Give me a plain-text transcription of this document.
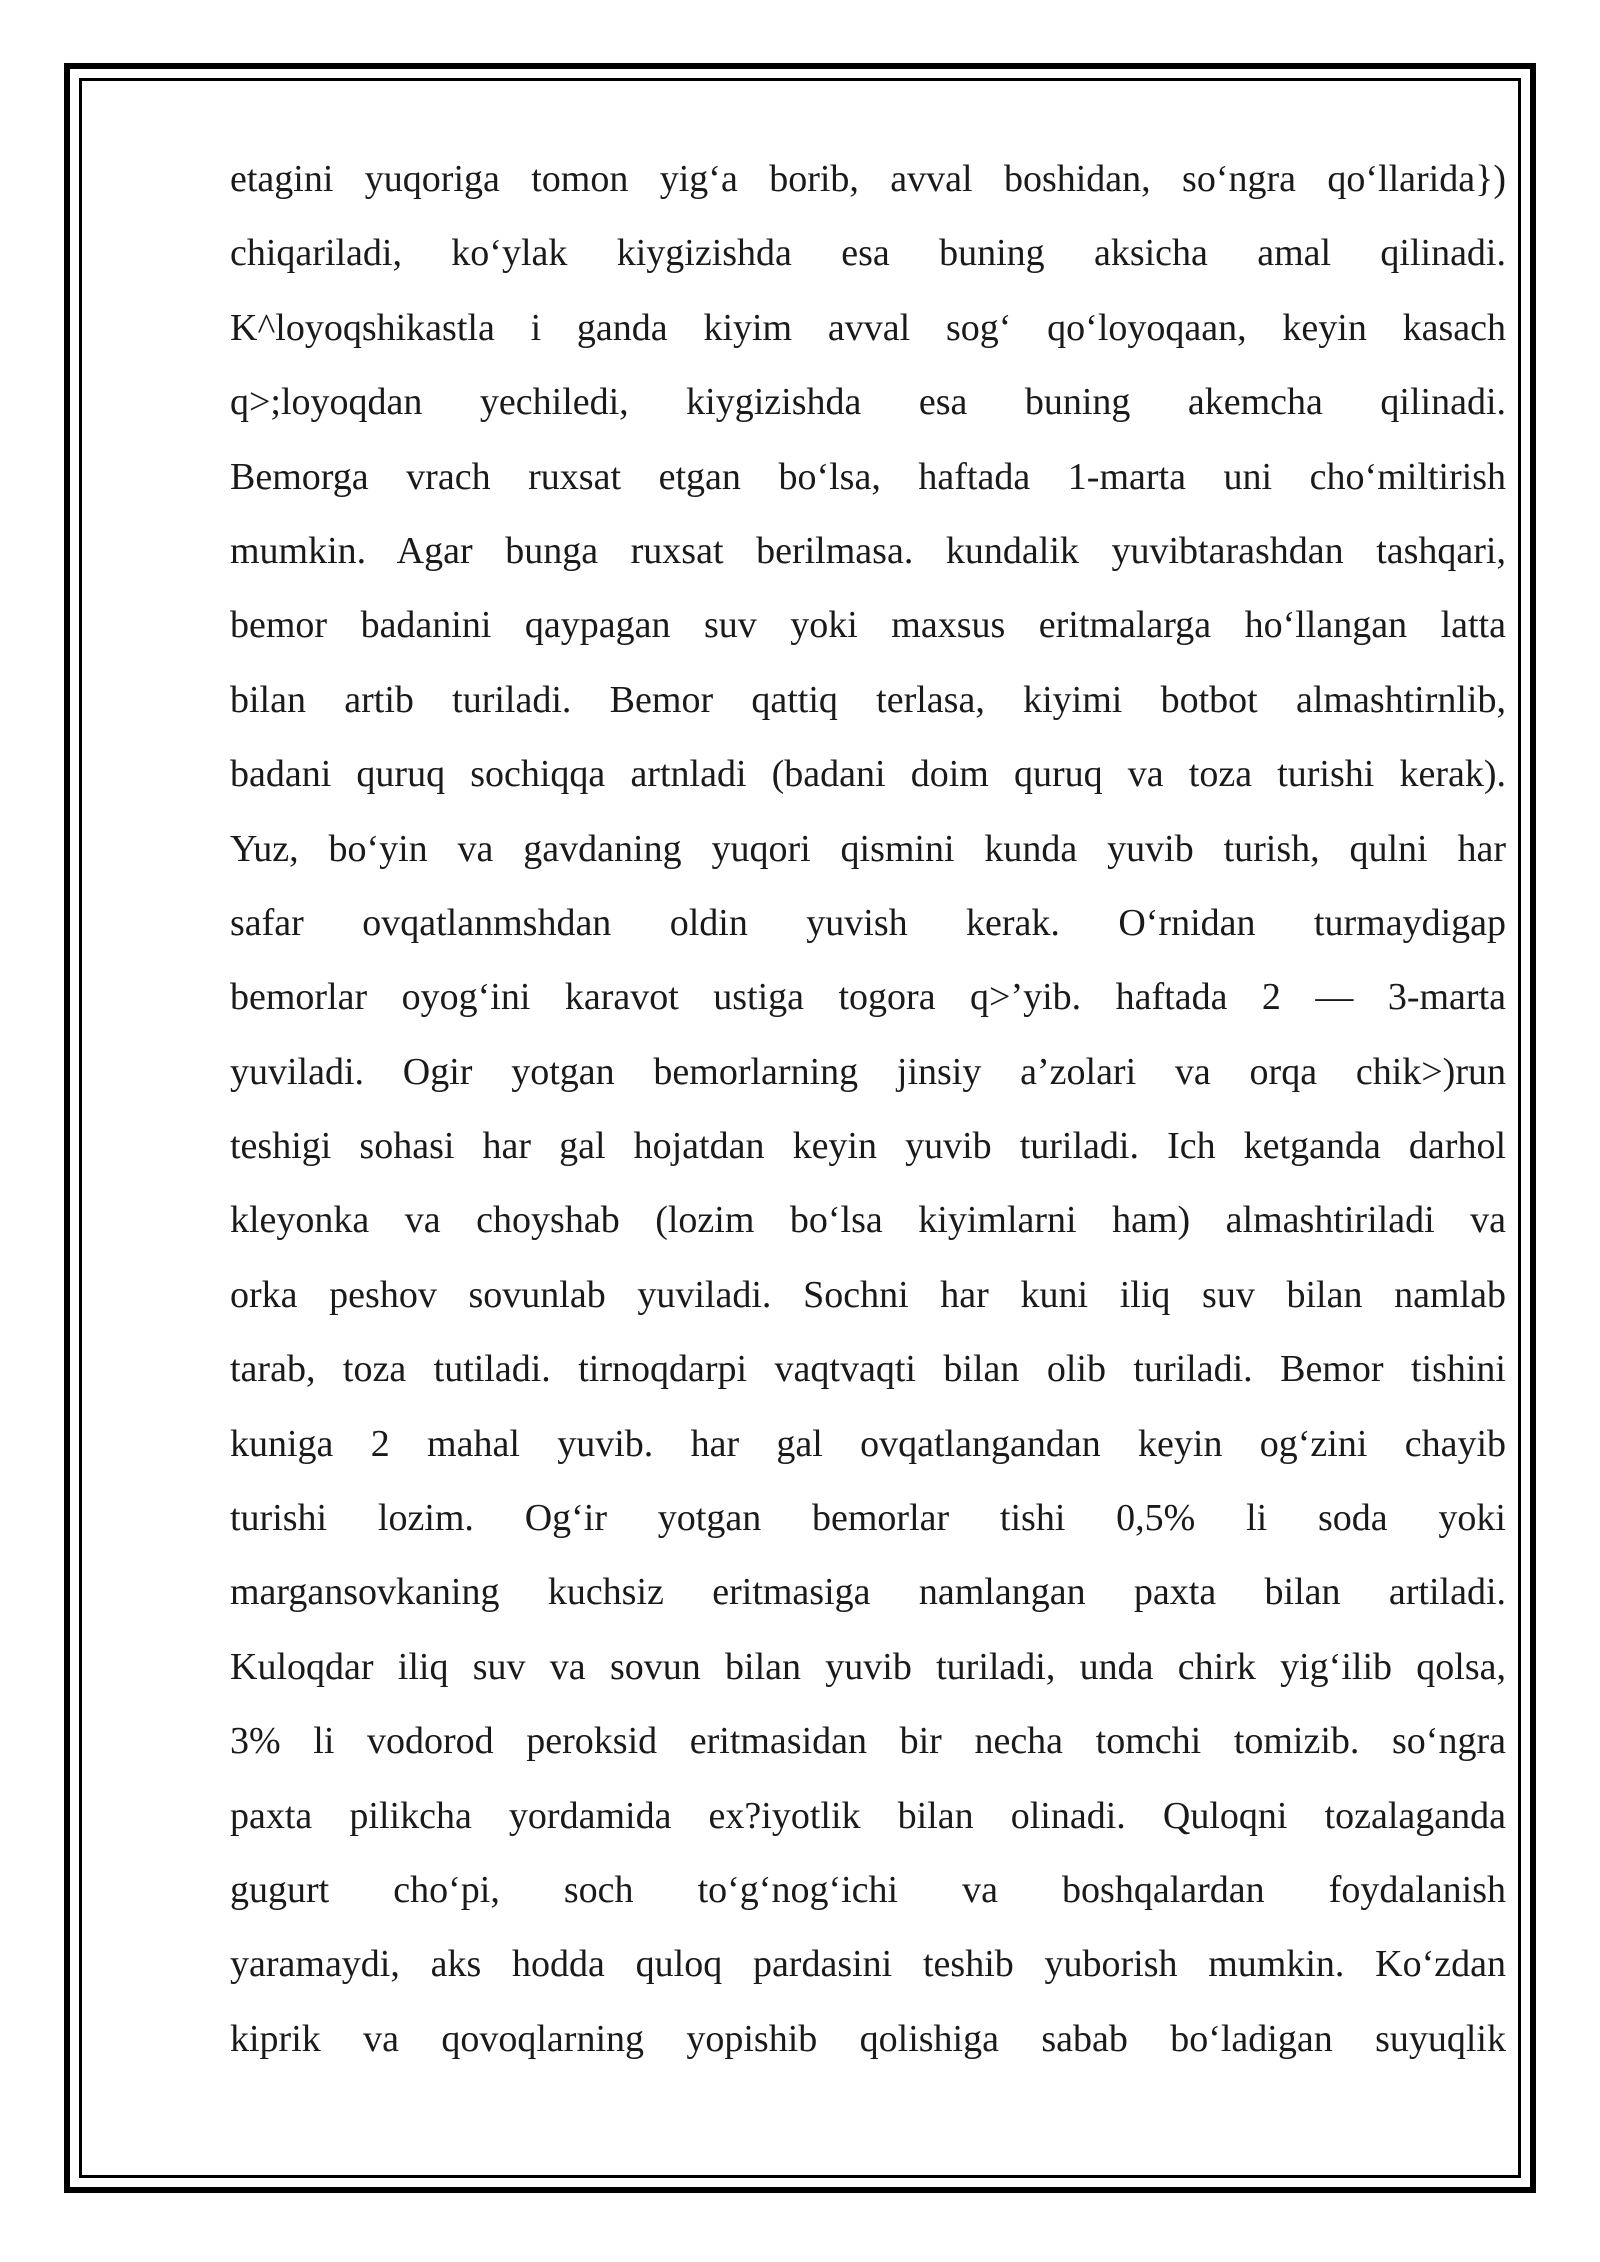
etagini yuqoriga tomon yig‘a borib, avval boshidan, so‘ngra qo‘llarida})
chiqariladi, ko‘ylak kiygizishda esa buning aksicha amal qilinadi.
K^loyoqshikastla i ganda kiyim avval sog‘ qo‘loyoqaan, keyin kasach
q>;loyoqdan yechiledi, kiygizishda esa buning akemcha qilinadi.
Bemorga vrach ruxsat etgan bo‘lsa, haftada 1-marta uni cho‘miltirish
mumkin. Agar bunga ruxsat berilmasa. kundalik yuvibtarashdan tashqari,
bemor badanini qaypagan suv yoki maxsus eritmalarga ho‘llangan latta
bilan artib turiladi. Bemor qattiq terlasa, kiyimi botbot almashtirnlib,
badani quruq sochiqqa artnladi (badani doim quruq va toza turishi kerak).
Yuz, bo‘yin va gavdaning yuqori qismini kunda yuvib turish, qulni har
safar ovqatlanmshdan oldin yuvish kerak. O‘rnidan turmaydigap
bemorlar oyog‘ini karavot ustiga togora q>’yib. haftada 2 — 3-marta
yuviladi. Ogir yotgan bemorlarning jinsiy a’zolari va orqa chik>)run
teshigi sohasi har gal hojatdan keyin yuvib turiladi. Ich ketganda darhol
kleyonka va choyshab (lozim bo‘lsa kiyimlarni ham) almashtiriladi va
orka peshov sovunlab yuviladi. Sochni har kuni iliq suv bilan namlab
tarab, toza tutiladi. tirnoqdarpi vaqtvaqti bilan olib turiladi. Bemor tishini
kuniga 2 mahal yuvib. har gal ovqatlangandan keyin og‘zini chayib
turishi lozim. Og‘ir yotgan bemorlar tishi 0,5% li soda yoki
margansovkaning kuchsiz eritmasiga namlangan paxta bilan artiladi.
Kuloqdar iliq suv va sovun bilan yuvib turiladi, unda chirk yig‘ilib qolsa,
3% li vodorod peroksid eritmasidan bir necha tomchi tomizib. so‘ngra
paxta pilikcha yordamida ex?iyotlik bilan olinadi. Quloqni tozalaganda
gugurt cho‘pi, soch to‘g‘nog‘ichi va boshqalardan foydalanish
yaramaydi, aks hodda quloq pardasini teshib yuborish mumkin. Ko‘zdan
kiprik va qovoqlarning yopishib qolishiga sabab bo‘ladigan suyuqlik
